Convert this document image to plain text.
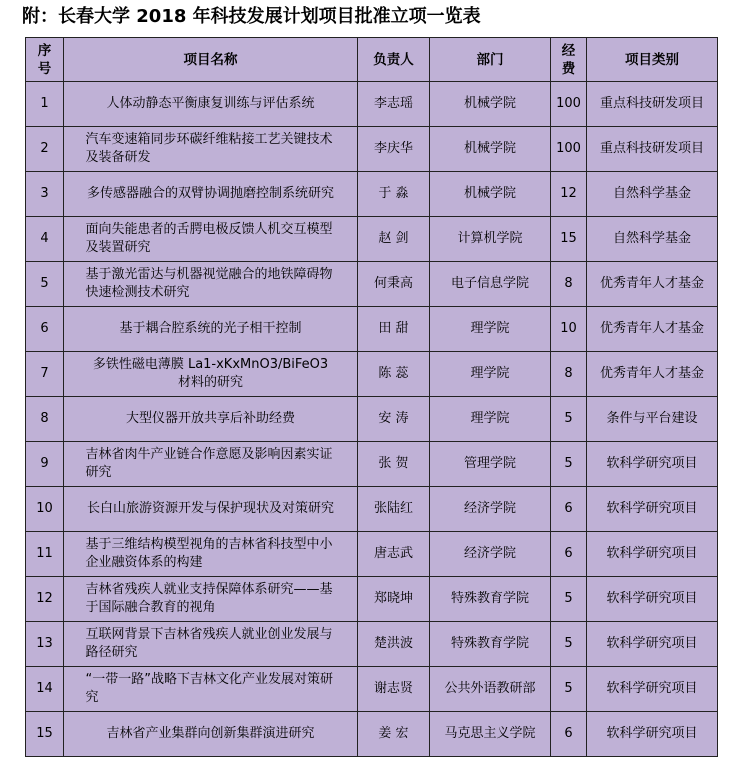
附：长春大学 2018 年科技发展计划项目批准立项一览表
序号	项目名称	负责人	部门	经费	项目类别
1	人体动静态平衡康复训练与评估系统	李志瑶	机械学院	100	重点科技研发项目
2	汽车变速箱同步环碳纤维粘接工艺关键技术及装备研发	李庆华	机械学院	100	重点科技研发项目
3	多传感器融合的双臂协调抛磨控制系统研究	于 淼	机械学院	12	自然科学基金
4	面向失能患者的舌腭电极反馈人机交互模型及装置研究	赵 剑	计算机学院	15	自然科学基金
5	基于激光雷达与机器视觉融合的地铁障碍物快速检测技术研究	何秉高	电子信息学院	8	优秀青年人才基金
6	基于耦合腔系统的光子相干控制	田 甜	理学院	10	优秀青年人才基金
7	多铁性磁电薄膜 La1-xKxMnO3/BiFeO3 材料的研究	陈 蕊	理学院	8	优秀青年人才基金
8	大型仪器开放共享后补助经费	安 涛	理学院	5	条件与平台建设
9	吉林省肉牛产业链合作意愿及影响因素实证研究	张 贺	管理学院	5	软科学研究项目
10	长白山旅游资源开发与保护现状及对策研究	张陆红	经济学院	6	软科学研究项目
11	基于三维结构模型视角的吉林省科技型中小企业融资体系的构建	唐志武	经济学院	6	软科学研究项目
12	吉林省残疾人就业支持保障体系研究——基于国际融合教育的视角	郑晓坤	特殊教育学院	5	软科学研究项目
13	互联网背景下吉林省残疾人就业创业发展与路径研究	楚洪波	特殊教育学院	5	软科学研究项目
14	“一带一路”战略下吉林文化产业发展对策研究	谢志贤	公共外语教研部	5	软科学研究项目
15	吉林省产业集群向创新集群演进研究	姜 宏	马克思主义学院	6	软科学研究项目
